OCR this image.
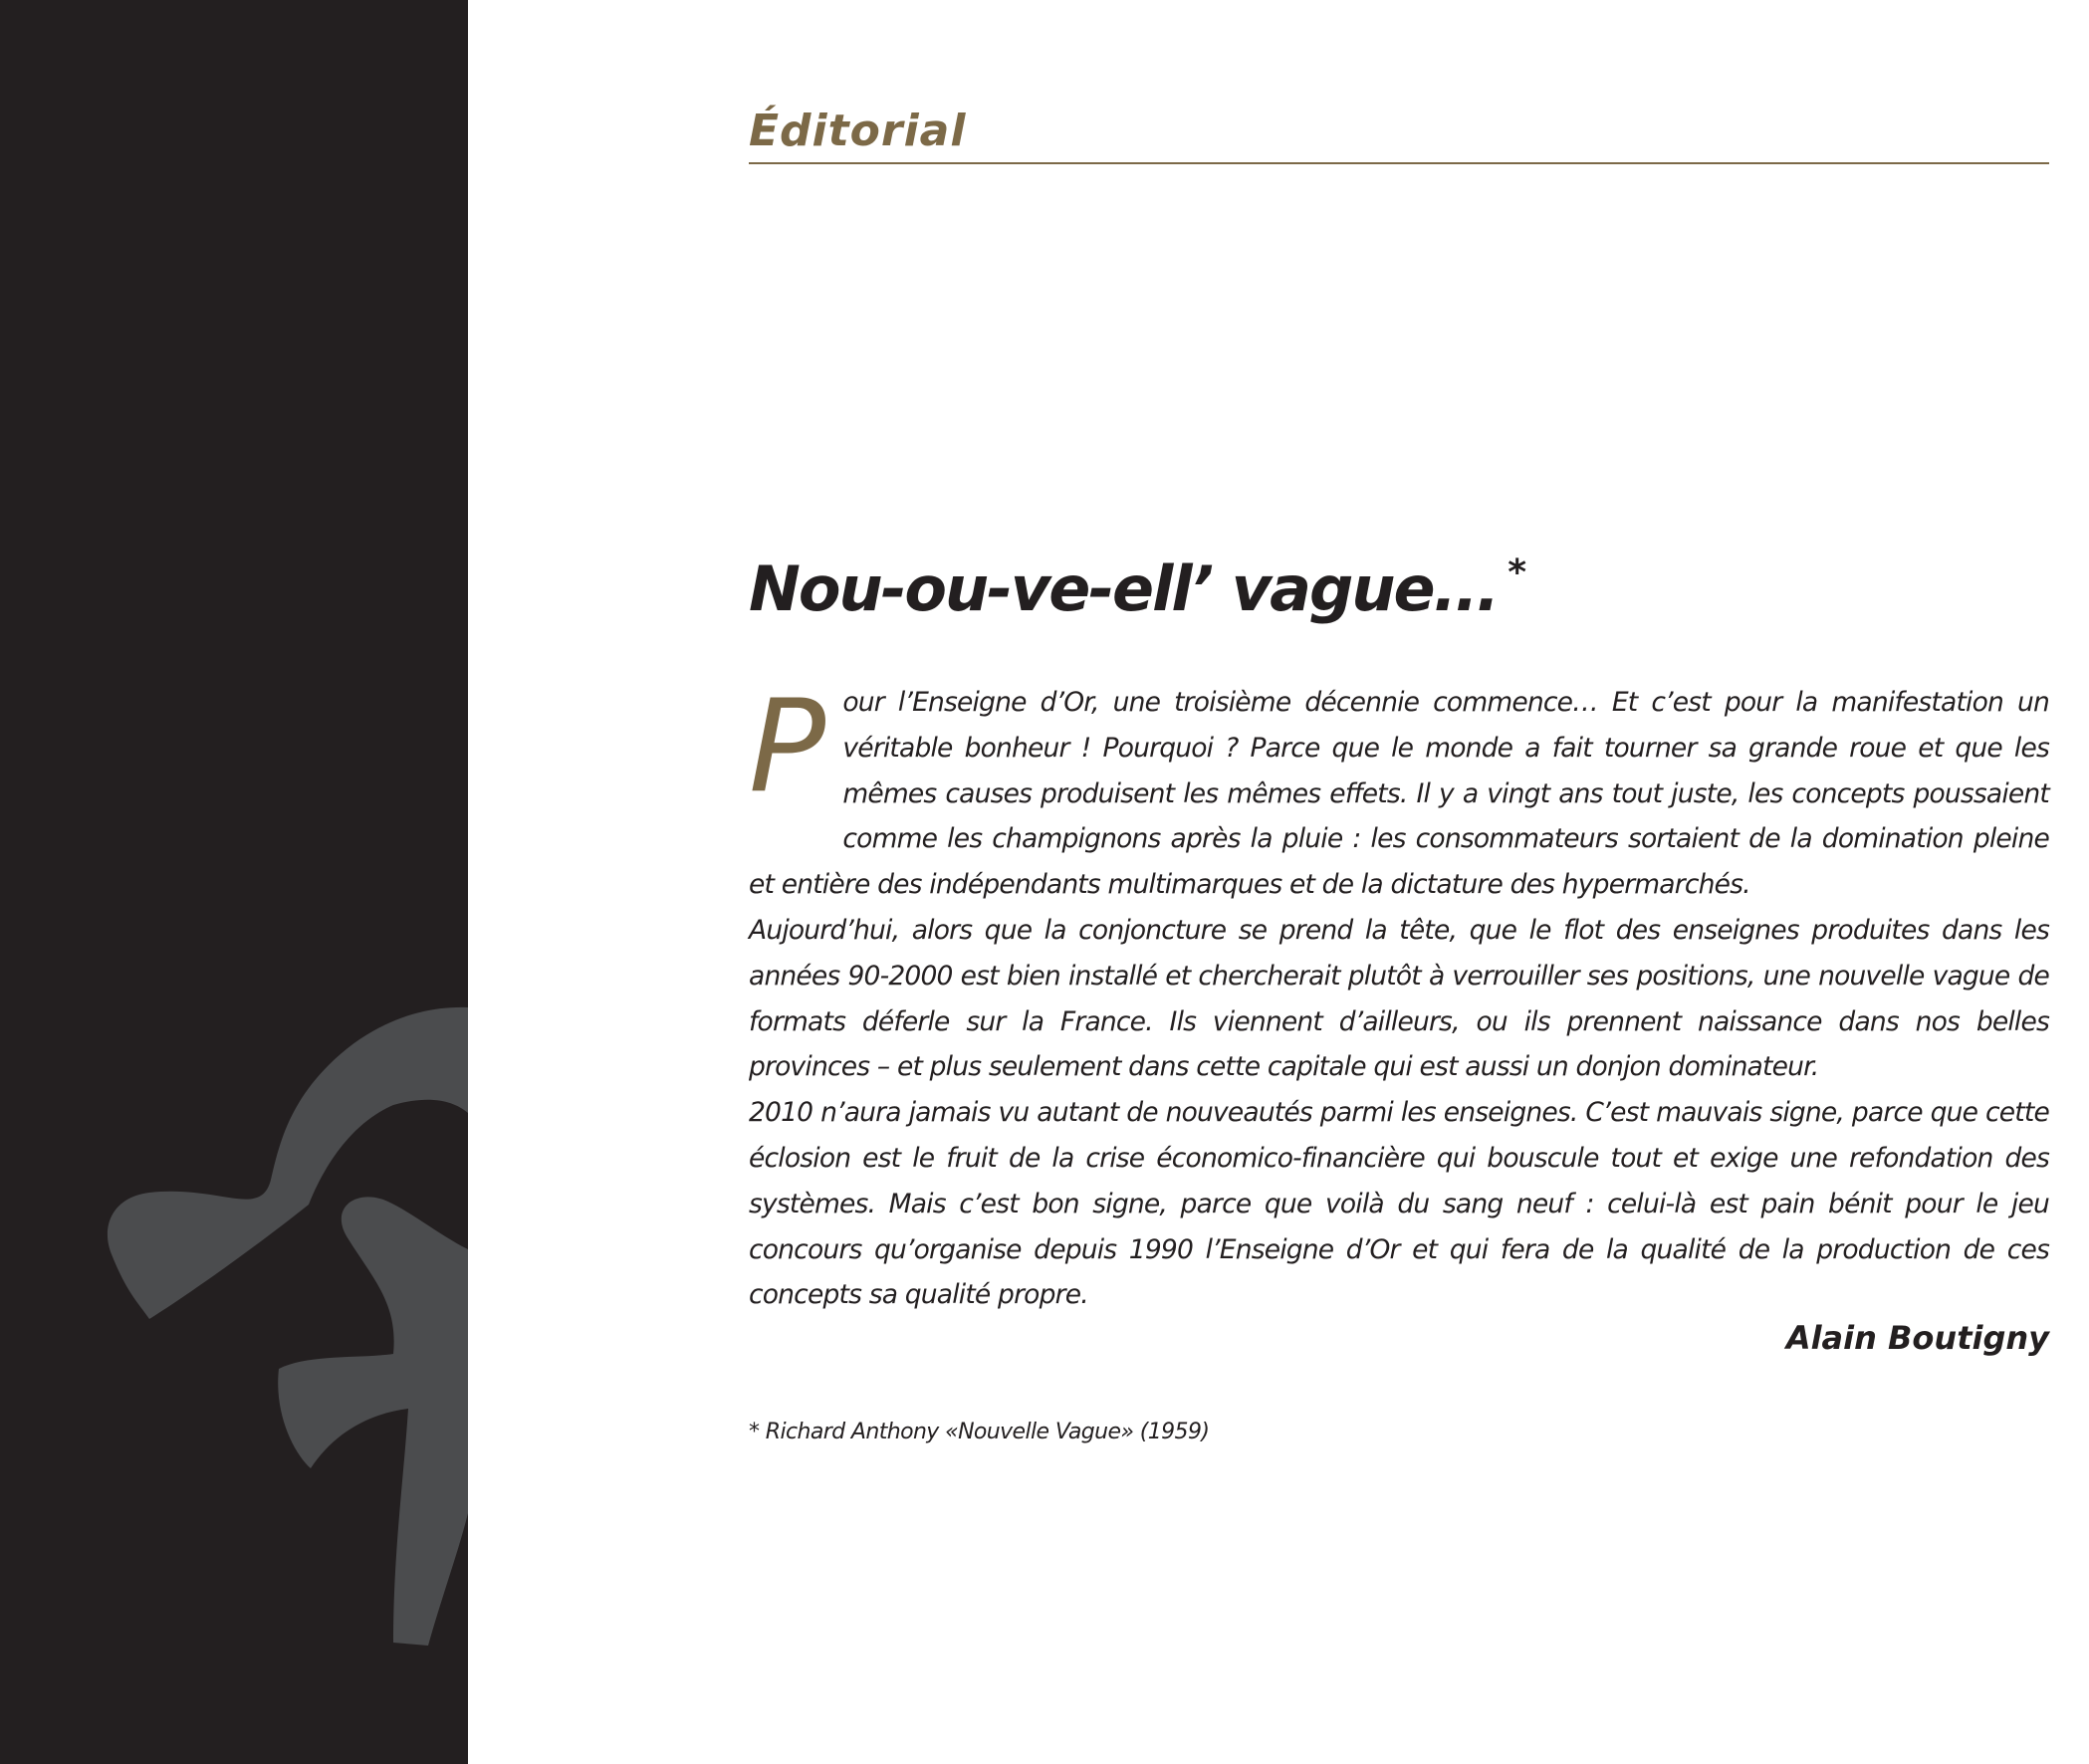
Éditorial
Nou-ou-ve-ell’ vague... *

Pour l’Enseigne d’Or, une troisième décennie commence… Et c’est pour la manifestation un véritable bonheur ! Pourquoi ? Parce que le monde a fait tourner sa grande roue et que les mêmes causes produisent les mêmes effets. Il y a vingt ans tout juste, les concepts poussaient comme les champignons après la pluie : les consommateurs sortaient de la domination pleine et entière des indépendants multimarques et de la dictature des hypermarchés.

Aujourd’hui, alors que la conjoncture se prend la tête, que le flot des enseignes produites dans les années 90-2000 est bien installé et chercherait plutôt à verrouiller ses positions, une nouvelle vague de formats déferle sur la France. Ils viennent d’ailleurs, ou ils prennent naissance dans nos belles provinces – et plus seulement dans cette capitale qui est aussi un donjon dominateur.

2010 n’aura jamais vu autant de nouveautés parmi les enseignes. C’est mauvais signe, parce que cette éclosion est le fruit de la crise économico-financière qui bouscule tout et exige une refondation des systèmes. Mais c’est bon signe, parce que voilà du sang neuf : celui-là est pain bénit pour le jeu concours qu’organise depuis 1990 l’Enseigne d’Or et qui fera de la qualité de la production de ces concepts sa qualité propre.

Alain Boutigny
* Richard Anthony «Nouvelle Vague» (1959)
